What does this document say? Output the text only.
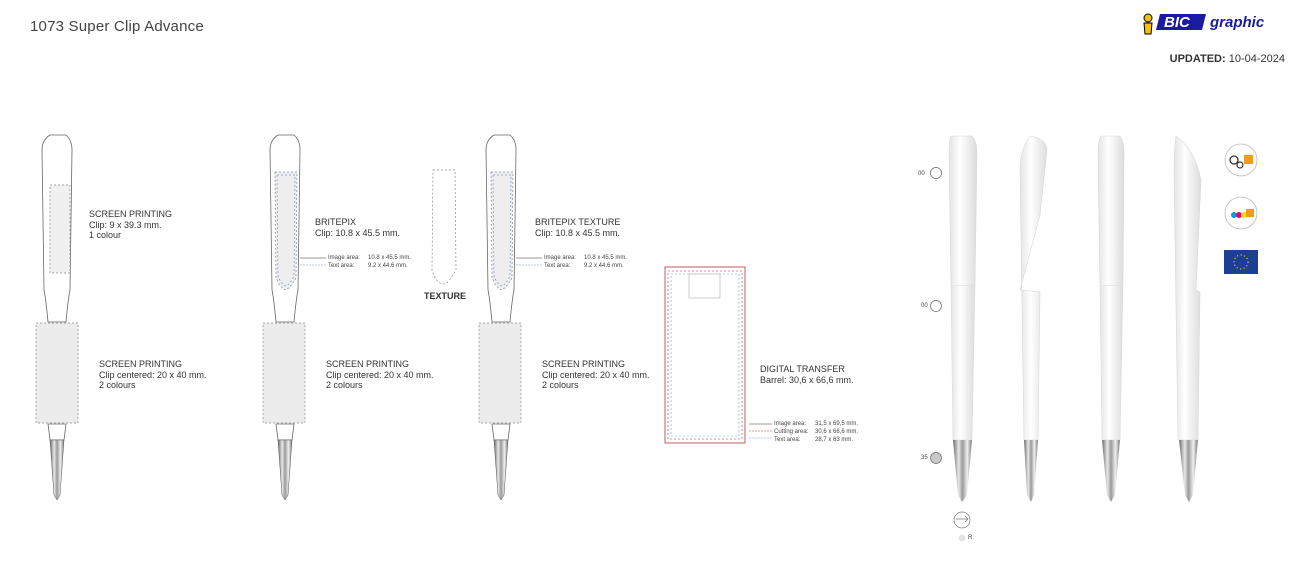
1073 Super Clip Advance	BIC graphic
UPDATED: 10-04-2024
SCREEN PRINTING
Clip: 9 x 39.3 mm.
1 colour
SCREEN PRINTING
Clip centered: 20 x 40 mm.
2 colours
BRITEPIX
Clip: 10.8 x 45.5 mm.
Image area: 10.8 x 45.5 mm.
Text area: 9.2 x 44.6 mm.
SCREEN PRINTING
Clip centered: 20 x 40 mm.
2 colours
TEXTURE
BRITEPIX TEXTURE
Clip: 10.8 x 45.5 mm.
Image area: 10.8 x 45.5 mm.
Text area: 9.2 x 44.6 mm.
SCREEN PRINTING
Clip centered: 20 x 40 mm.
2 colours
DIGITAL TRANSFER
Barrel: 30,6 x 66,6 mm.
Image area: 31,5 x 69,5 mm.
Cutting area: 30,6 x 66,6 mm.
Text area: 28,7 x 63 mm.
00
00
35
R
